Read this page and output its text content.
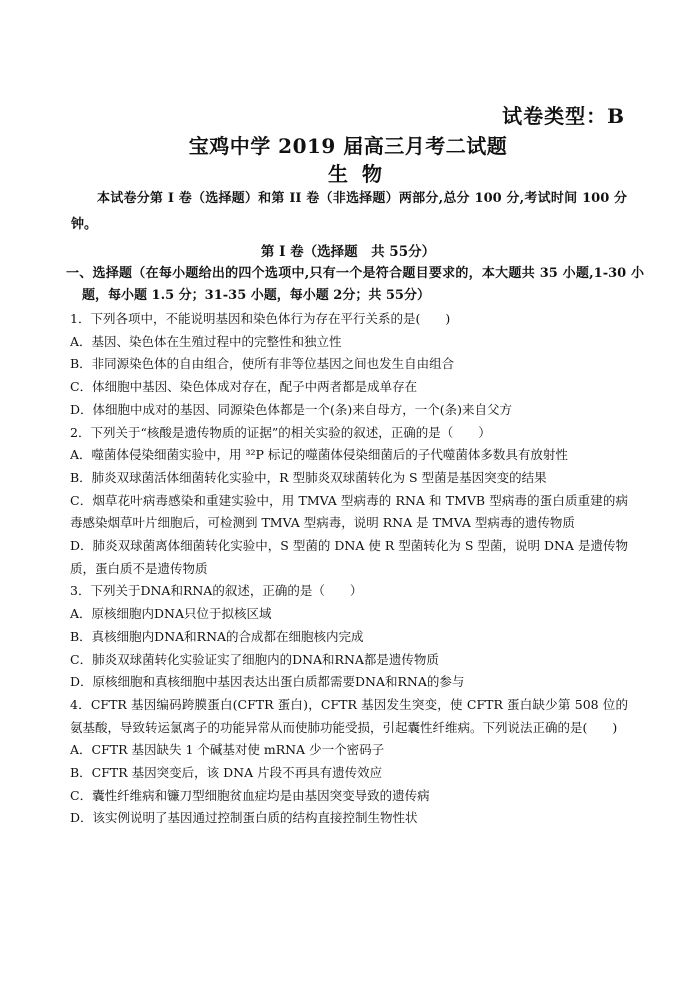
试卷类型：B
宝鸡中学 2019 届高三月考二试题
生物
本试卷分第 I 卷（选择题）和第 II 卷（非选择题）两部分,总分 100 分,考试时间 100 分钟。
第 I 卷（选择题　共 55分）
一、选择题（在每小题给出的四个选项中,只有一个是符合题目要求的，本大题共 35 小题,1-30 小题，每小题 1.5 分；31-35 小题，每小题 2分；共 55分）

1．下列各项中，不能说明基因和染色体行为存在平行关系的是(　　)

A．基因、染色体在生殖过程中的完整性和独立性

B．非同源染色体的自由组合，使所有非等位基因之间也发生自由组合

C．体细胞中基因、染色体成对存在，配子中两者都是成单存在

D．体细胞中成对的基因、同源染色体都是一个(条)来自母方，一个(条)来自父方

2．下列关于“核酸是遗传物质的证据”的相关实验的叙述，正确的是（　　）

A．噬菌体侵染细菌实验中，用 ³²P 标记的噬菌体侵染细菌后的子代噬菌体多数具有放射性

B．肺炎双球菌活体细菌转化实验中，R 型肺炎双球菌转化为 S 型菌是基因突变的结果

C．烟草花叶病毒感染和重建实验中，用 TMVA 型病毒的 RNA 和 TMVB 型病毒的蛋白质重建的病毒感染烟草叶片细胞后，可检测到 TMVA 型病毒，说明 RNA 是 TMVA 型病毒的遗传物质

D．肺炎双球菌离体细菌转化实验中，S 型菌的 DNA 使 R 型菌转化为 S 型菌，说明 DNA 是遗传物质，蛋白质不是遗传物质

3．下列关于DNA和RNA的叙述，正确的是（　　）

A．原核细胞内DNA只位于拟核区域

B．真核细胞内DNA和RNA的合成都在细胞核内完成

C．肺炎双球菌转化实验证实了细胞内的DNA和RNA都是遗传物质

D．原核细胞和真核细胞中基因表达出蛋白质都需要DNA和RNA的参与

4．CFTR 基因编码跨膜蛋白(CFTR 蛋白)，CFTR 基因发生突变，使 CFTR 蛋白缺少第 508 位的氨基酸，导致转运氯离子的功能异常从而使肺功能受损，引起囊性纤维病。下列说法正确的是(　　)

A．CFTR 基因缺失 1 个碱基对使 mRNA 少一个密码子

B．CFTR 基因突变后，该 DNA 片段不再具有遗传效应

C．囊性纤维病和镰刀型细胞贫血症均是由基因突变导致的遗传病

D．该实例说明了基因通过控制蛋白质的结构直接控制生物性状
